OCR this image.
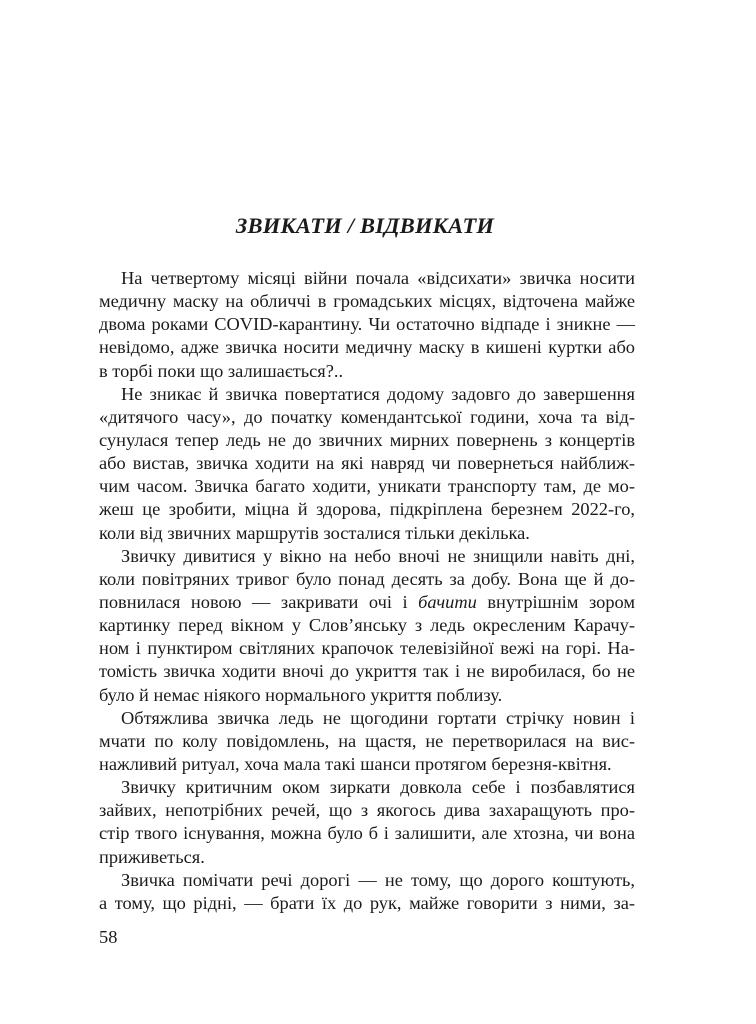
ЗВИКАТИ / ВІДВИКАТИ
На четвертому місяці війни почала «відсихати» звичка носити
медичну маску на обличчі в громадських місцях, відточена майже
двома роками COVID-карантину. Чи остаточно відпаде і зникне —
невідомо, адже звичка носити медичну маску в кишені куртки або
в торбі поки що залишається?..
Не зникає й звичка повертатися додому задовго до завершення
«дитячого часу», до початку комендантської години, хоча та від-
сунулася тепер ледь не до звичних мирних повернень з концертів
або вистав, звичка ходити на які навряд чи повернеться найближ-
чим часом. Звичка багато ходити, уникати транспорту там, де мо-
жеш це зробити, міцна й здорова, підкріплена березнем 2022-го,
коли від звичних маршрутів зосталися тільки декілька.
Звичку дивитися у вікно на небо вночі не знищили навіть дні,
коли повітряних тривог було понад десять за добу. Вона ще й до-
повнилася новою — закривати очі і бачити внутрішнім зором
картинку перед вікном у Слов’янську з ледь окресленим Карачу-
ном і пунктиром світляних крапочок телевізійної вежі на горі. На-
томість звичка ходити вночі до укриття так і не виробилася, бо не
було й немає ніякого нормального укриття поблизу.
Обтяжлива звичка ледь не щогодини гортати стрічку новин і
мчати по колу повідомлень, на щастя, не перетворилася на вис-
нажливий ритуал, хоча мала такі шанси протягом березня-квітня.
Звичку критичним оком зиркати довкола себе і позбавлятися
зайвих, непотрібних речей, що з якогось дива захаращують про-
стір твого існування, можна було б і залишити, але хтозна, чи вона
приживеться.
Звичка помічати речі дорогі — не тому, що дорого коштують,
а тому, що рідні, — брати їх до рук, майже говорити з ними, за-
58
